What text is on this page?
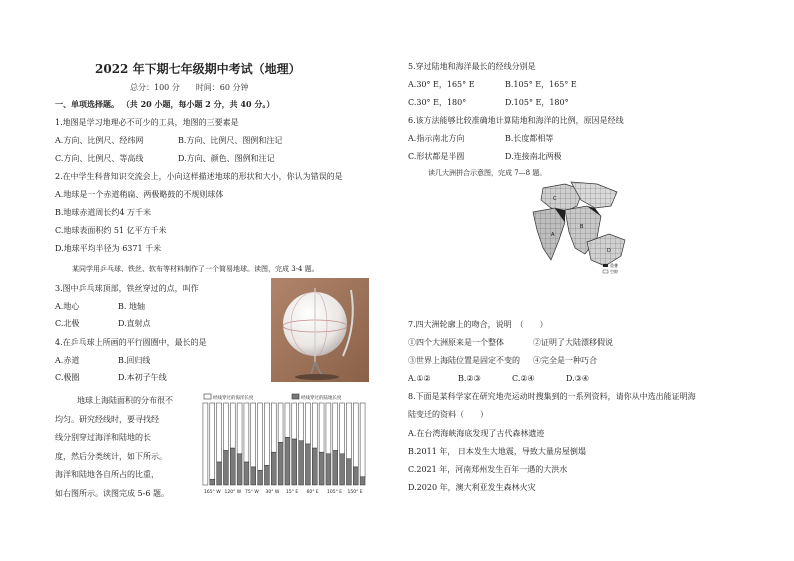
2022 年下期七年级期中考试（地理）
总分：100 分　　时间：60 分钟
一、单项选择题。 （共 20 小题，每小题 2 分，共 40 分。）
1.地图是学习地理必不可少的工具，地图的三要素是
A.方向、比例尺、经纬网	B.方向、比例尺、图例和注记
C.方向、比例尺、等高线	D.方向、颜色、图例和注记
2.在中学生科普知识交流会上，小向这样描述地球的形状和大小，你认为错误的是
A.地球是一个赤道稍扁、两极略鼓的不规则球体
B.地球赤道周长约4 万千米
C.地球表面积约 51 亿平方千米
D.地球平均半径为 6371 千米
某同学用乒乓球、铁丝、软布等材料制作了一个简易地球。读图，完成 3-4 题。
3.图中乒乓球顶部，铁丝穿过的点，叫作
A.地心	B. 地轴
C.北极	D.直射点
4.在乒乓球上所画的平行圆圈中，最长的是
A.赤道	B.回归线
C.极圈	D.本初子午线
地球上海陆面积的分布很不
均匀。研究经线时，要寻找经
线分别穿过海洋和陆地的长
度，然后分类统计，如下所示。
海洋和陆地各自所占的比重，
如右图所示。读图完成 5-6 题。
经线穿过的海洋长度	经线穿过的陆地长度
165° W 120° W 75° W 30° W 15° E 60° E 105° E 150° E
5.穿过陆地和海洋最长的经线分别是
A.30° E，165° E	B.105° E，165° E
C.30° E，180°	D.105° E，180°
6.该方法能够比较准确地计算陆地和海洋的比例，原因是经线
A.指示南北方向	B.长度都相等
C.形状都是半圆	D.连接南北两极
读几大洲拼合示意图，完成 7—8 题。
A
B
C
D
重叠
空隙
7.四大洲轮廓上的吻合，说明　（　　）
①四个大洲原来是一个整体	②证明了大陆漂移假说
③世界上海陆位置是固定不变的 ④完全是一种巧合
A.①②	B.②③	C.②④	D.③④
8.下面是某科学家在研究地壳运动时搜集到的一系列资料，请你从中选出能证明海
陆变迁的资料（　　）
A.在台湾海峡海底发现了古代森林遗迹
B.2011 年， 日本发生大地震，导致大量房屋倒塌
C.2021 年，河南郑州发生百年一遇的大洪水
D.2020 年，澳大利亚发生森林火灾
